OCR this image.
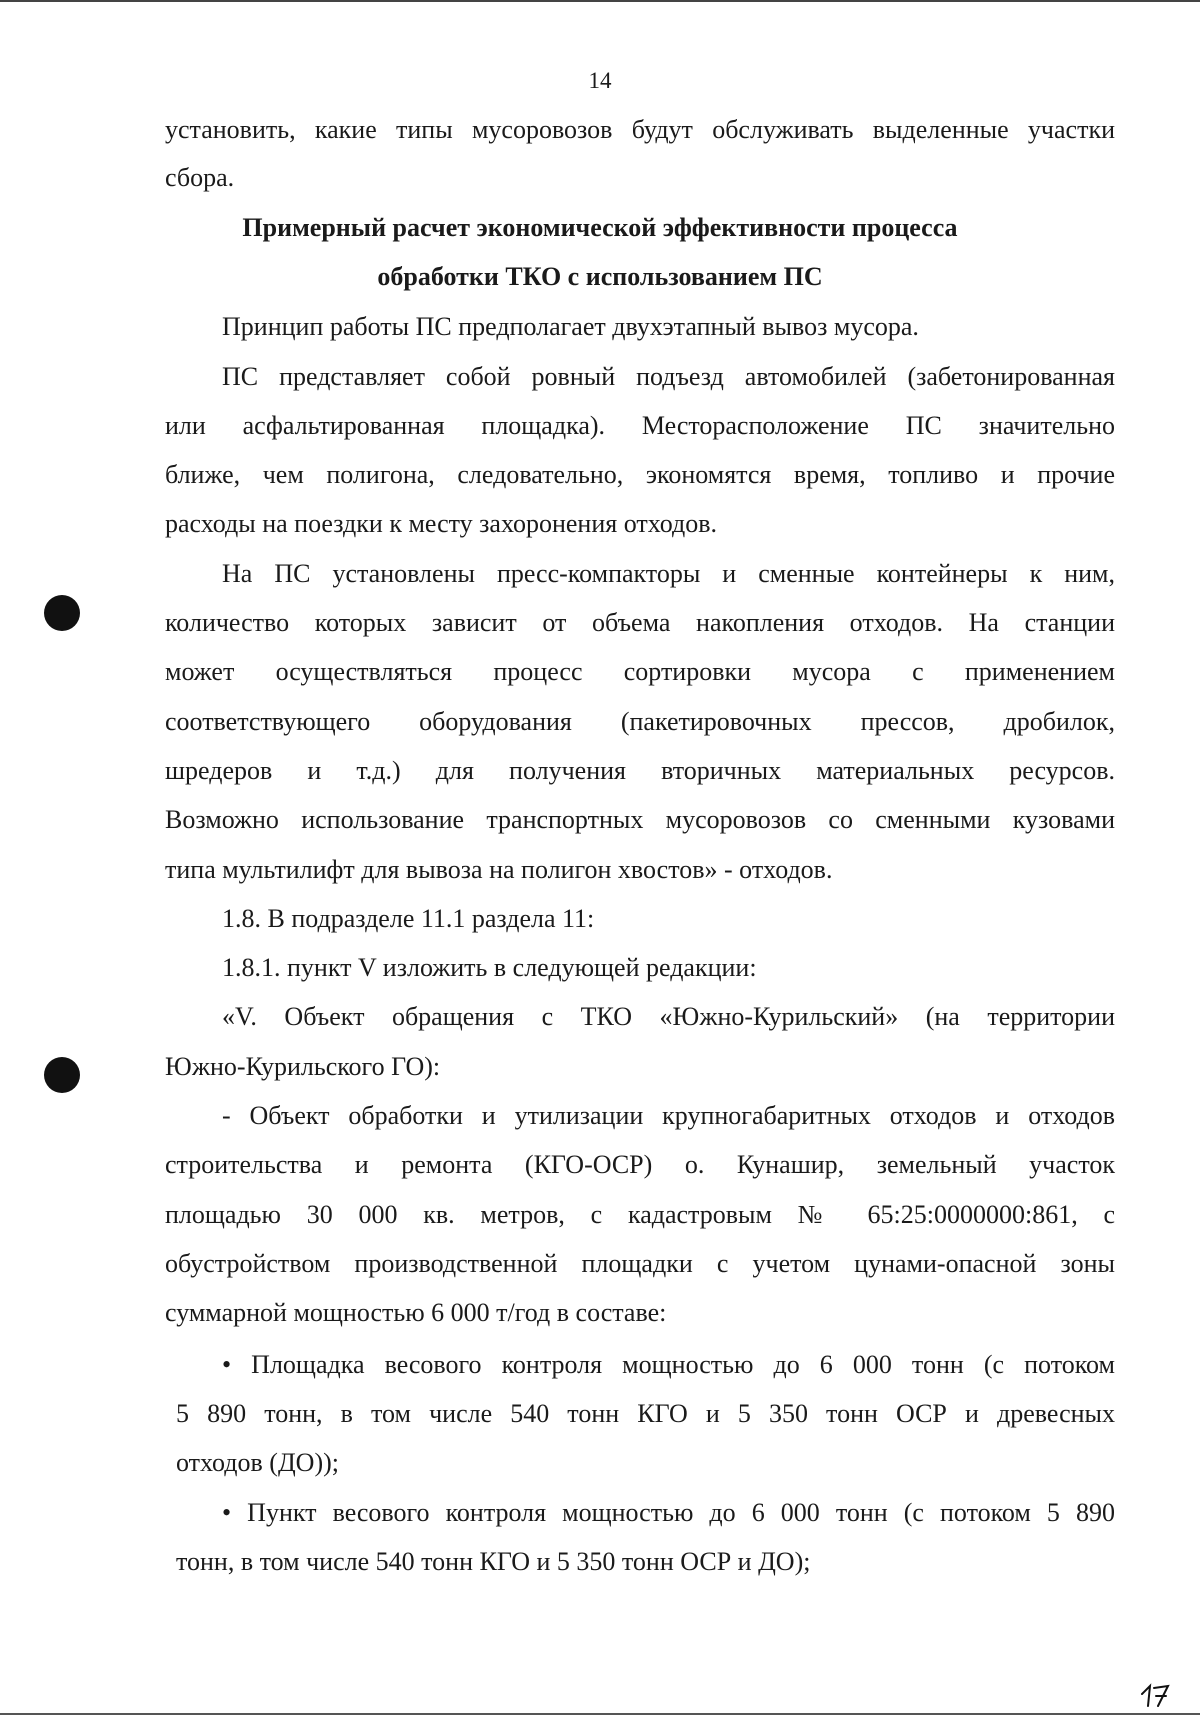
14
установить, какие типы мусоровозов будут обслуживать выделенные участки
сбора.
Примерный расчет экономической эффективности процесса
обработки ТКО с использованием ПС
Принцип работы ПС предполагает двухэтапный вывоз мусора.
ПС представляет собой ровный подъезд автомобилей (забетонированная
или асфальтированная площадка). Месторасположение ПС значительно
ближе, чем полигона, следовательно, экономятся время, топливо и прочие
расходы на поездки к месту захоронения отходов.
На ПС установлены пресс-компакторы и сменные контейнеры к ним,
количество которых зависит от объема накопления отходов. На станции
может осуществляться процесс сортировки мусора с применением
соответствующего оборудования (пакетировочных прессов, дробилок,
шредеров и т.д.) для получения вторичных материальных ресурсов.
Возможно использование транспортных мусоровозов со сменными кузовами
типа мультилифт для вывоза на полигон хвостов» - отходов.
1.8. В подразделе 11.1 раздела 11:
1.8.1. пункт V изложить в следующей редакции:
«V. Объект обращения с ТКО «Южно-Курильский» (на территории
Южно-Курильского ГО):
- Объект обработки и утилизации крупногабаритных отходов и отходов
строительства и ремонта (КГО-ОСР) о. Кунашир, земельный участок
площадью 30 000 кв. метров, с кадастровым № 65:25:0000000:861, с
обустройством производственной площадки с учетом цунами-опасной зоны
суммарной мощностью 6 000 т/год в составе:
• Площадка весового контроля мощностью до 6 000 тонн (с потоком
5 890 тонн, в том числе 540 тонн КГО и 5 350 тонн ОСР и древесных
отходов (ДО));
• Пункт весового контроля мощностью до 6 000 тонн (с потоком 5 890
тонн, в том числе 540 тонн КГО и 5 350 тонн ОСР и ДО);
